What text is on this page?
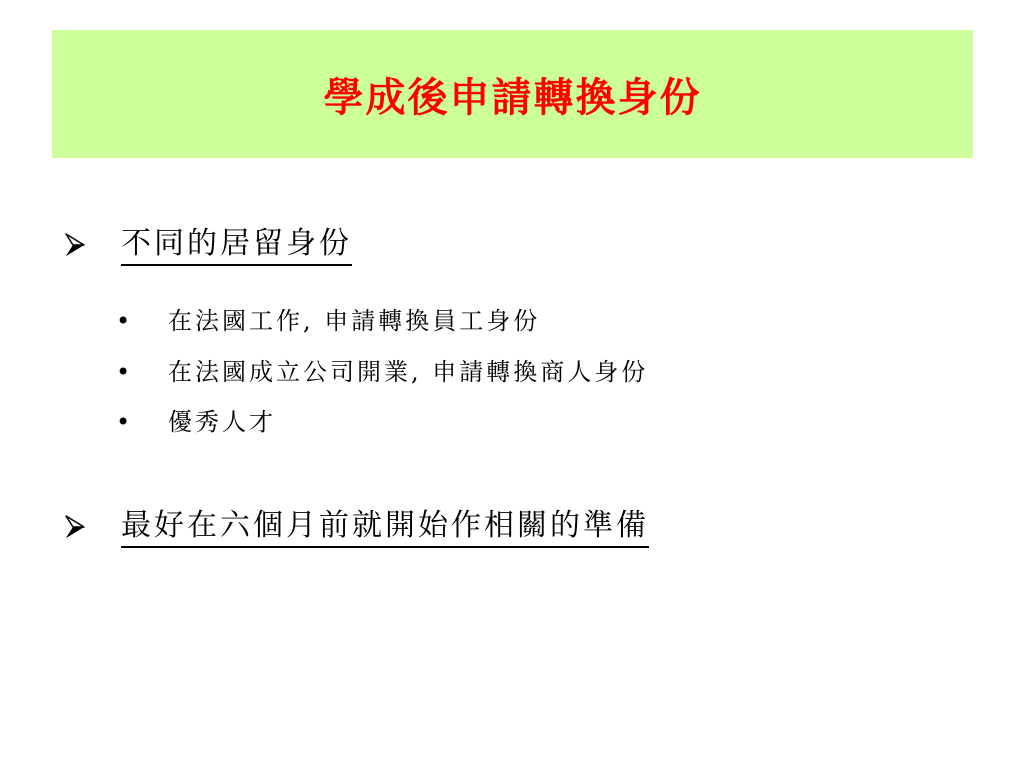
學成後申請轉換身份
不同的居留身份
•	在法國工作, 申請轉換員工身份
•	在法國成立公司開業, 申請轉換商人身份
•	優秀人才
最好在六個月前就開始作相關的準備
